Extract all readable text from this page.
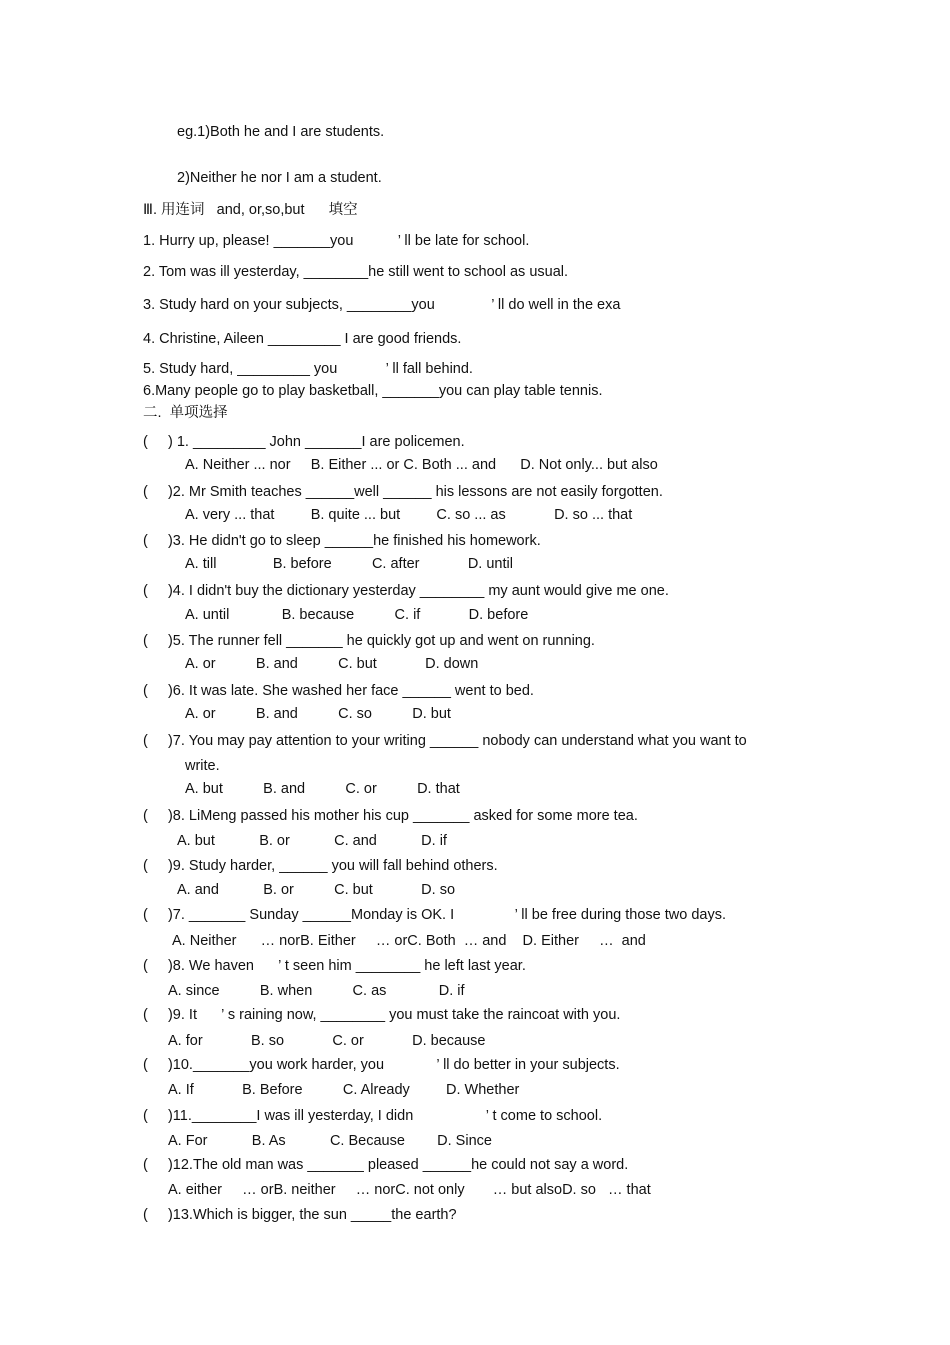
eg.1)Both he and I are students.
2)Neither he nor I am a student.
Ⅲ. 用连词   and, or,so,but      填空
1. Hurry up, please! _______you           ’ ll be late for school.
2. Tom was ill yesterday, ________he still went to school as usual.
3. Study hard on your subjects, ________you              ’ ll do well in the exa
4. Christine, Aileen _________ I are good friends.
5. Study hard, _________ you            ’ ll fall behind.
6.Many people go to play basketball, _______you can play table tennis.
二.  单项选择
(     ) 1. _________ John _______I are policemen.
A. Neither ... nor     B. Either ... or C. Both ... and      D. Not only... but also
(     )2. Mr Smith teaches ______well ______ his lessons are not easily forgotten.
A. very ... that         B. quite ... but         C. so ... as            D. so ... that
(     )3. He didn't go to sleep ______he finished his homework.
A. till              B. before          C. after            D. until
(     )4. I didn't buy the dictionary yesterday ________ my aunt would give me one.
A. until             B. because          C. if            D. before
(     )5. The runner fell _______ he quickly got up and went on running.
A. or          B. and          C. but            D. down
(     )6. It was late. She washed her face ______ went to bed.
A. or          B. and          C. so          D. but
(     )7. You may pay attention to your writing ______ nobody can understand what you want to
write.
A. but          B. and          C. or          D. that
(     )8. LiMeng passed his mother his cup _______ asked for some more tea.
A. but           B. or           C. and           D. if
(     )9. Study harder, ______ you will fall behind others.
A. and           B. or          C. but            D. so
(     )7. _______ Sunday ______Monday is OK. I               ’ ll be free during those two days.
A. Neither      … norB. Either     … orC. Both  … and    D. Either     …  and
(     )8. We haven      ’ t seen him ________ he left last year.
A. since          B. when          C. as             D. if
(     )9. It      ’ s raining now, ________ you must take the raincoat with you.
A. for            B. so            C. or            D. because
(     )10._______you work harder, you             ’ ll do better in your subjects.
A. If            B. Before          C. Already         D. Whether
(     )11.________I was ill yesterday, I didn                  ’ t come to school.
A. For           B. As           C. Because        D. Since
(     )12.The old man was _______ pleased ______he could not say a word.
A. either     … orB. neither     … norC. not only       … but alsoD. so   … that
(     )13.Which is bigger, the sun _____the earth?
